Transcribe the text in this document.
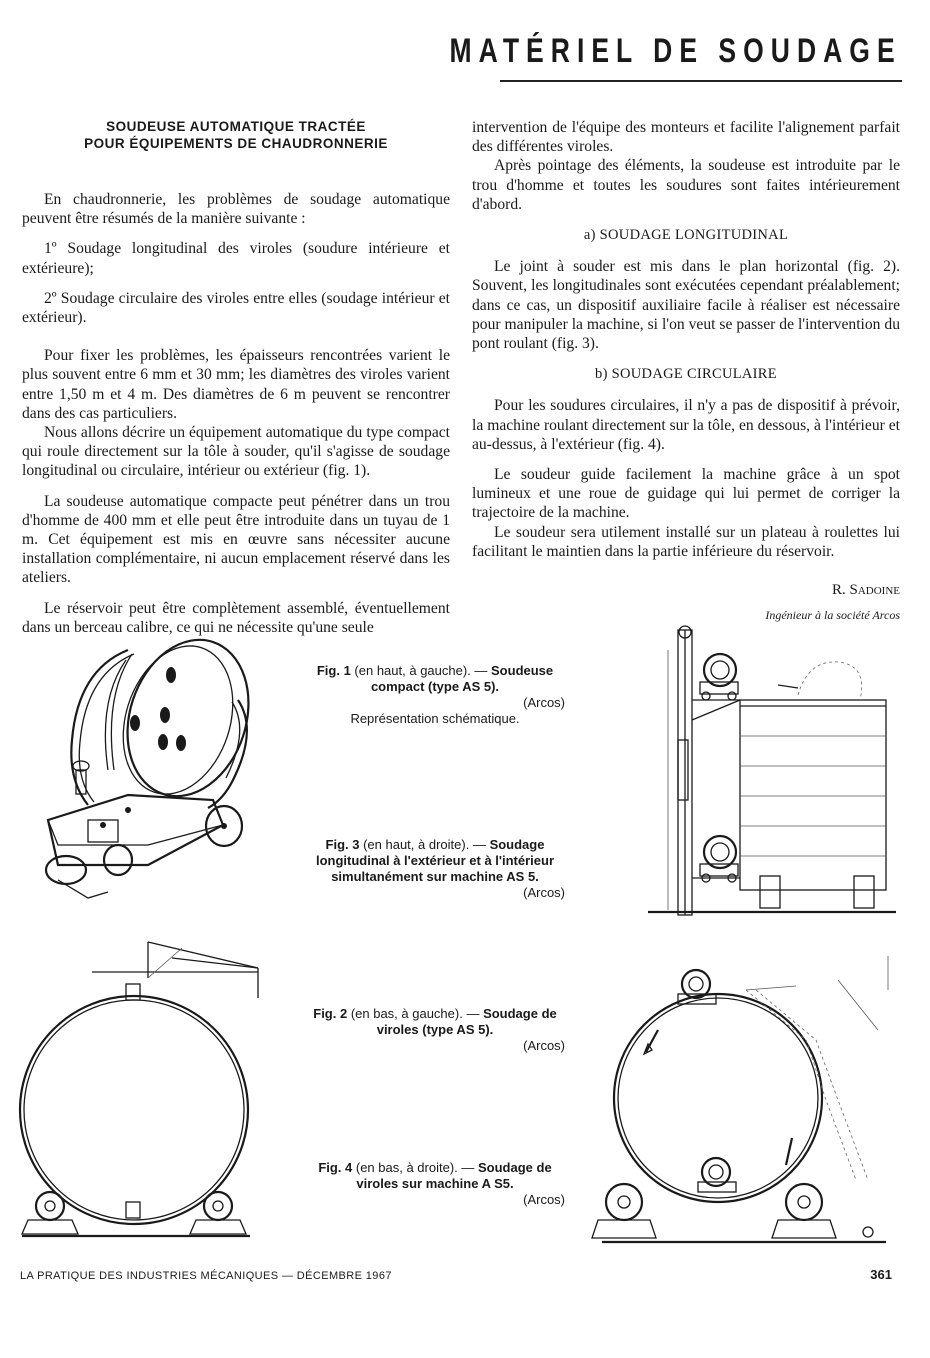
MATÉRIEL DE SOUDAGE
SOUDEUSE AUTOMATIQUE TRACTÉE
POUR ÉQUIPEMENTS DE CHAUDRONNERIE

En chaudronnerie, les problèmes de soudage automatique peuvent être résumés de la manière suivante :

1º Soudage longitudinal des viroles (soudure intérieure et extérieure);

2º Soudage circulaire des viroles entre elles (soudage intérieur et extérieur).

Pour fixer les problèmes, les épaisseurs rencontrées varient le plus souvent entre 6 mm et 30 mm; les diamètres des viroles varient entre 1,50 m et 4 m. Des diamètres de 6 m peuvent se rencontrer dans des cas particuliers.

Nous allons décrire un équipement automatique du type compact qui roule directement sur la tôle à souder, qu'il s'agisse de soudage longitudinal ou circulaire, intérieur ou extérieur (fig. 1).

La soudeuse automatique compacte peut pénétrer dans un trou d'homme de 400 mm et elle peut être introduite dans un tuyau de 1 m. Cet équipement est mis en œuvre sans nécessiter aucune installation complémentaire, ni aucun emplacement réservé dans les ateliers.

Le réservoir peut être complètement assemblé, éventuellement dans un berceau calibre, ce qui ne nécessite qu'une seule

intervention de l'équipe des monteurs et facilite l'alignement parfait des différentes viroles.

Après pointage des éléments, la soudeuse est introduite par le trou d'homme et toutes les soudures sont faites intérieurement d'abord.

a) SOUDAGE LONGITUDINAL

Le joint à souder est mis dans le plan horizontal (fig. 2). Souvent, les longitudinales sont exécutées cependant préalablement; dans ce cas, un dispositif auxiliaire facile à réaliser est nécessaire pour manipuler la machine, si l'on veut se passer de l'intervention du pont roulant (fig. 3).

b) SOUDAGE CIRCULAIRE

Pour les soudures circulaires, il n'y a pas de dispositif à prévoir, la machine roulant directement sur la tôle, en dessous, à l'intérieur et au-dessus, à l'extérieur (fig. 4).

Le soudeur guide facilement la machine grâce à un spot lumineux et une roue de guidage qui lui permet de corriger la trajectoire de la machine.

Le soudeur sera utilement installé sur un plateau à roulettes lui facilitant le maintien dans la partie inférieure du réservoir.

R. Sadoine
Ingénieur à la société Arcos
Fig. 1 (en haut, à gauche). — Soudeuse compact (type AS 5).
(Arcos)
Représentation schématique.
Fig. 3 (en haut, à droite). — Soudage longitudinal à l'extérieur et à l'intérieur simultanément sur machine AS 5.
(Arcos)
Fig. 2 (en bas, à gauche). — Soudage de viroles (type AS 5).
(Arcos)
Fig. 4 (en bas, à droite). — Soudage de viroles sur machine A S5.
(Arcos)
LA PRATIQUE DES INDUSTRIES MÉCANIQUES — DÉCEMBRE 1967	361
